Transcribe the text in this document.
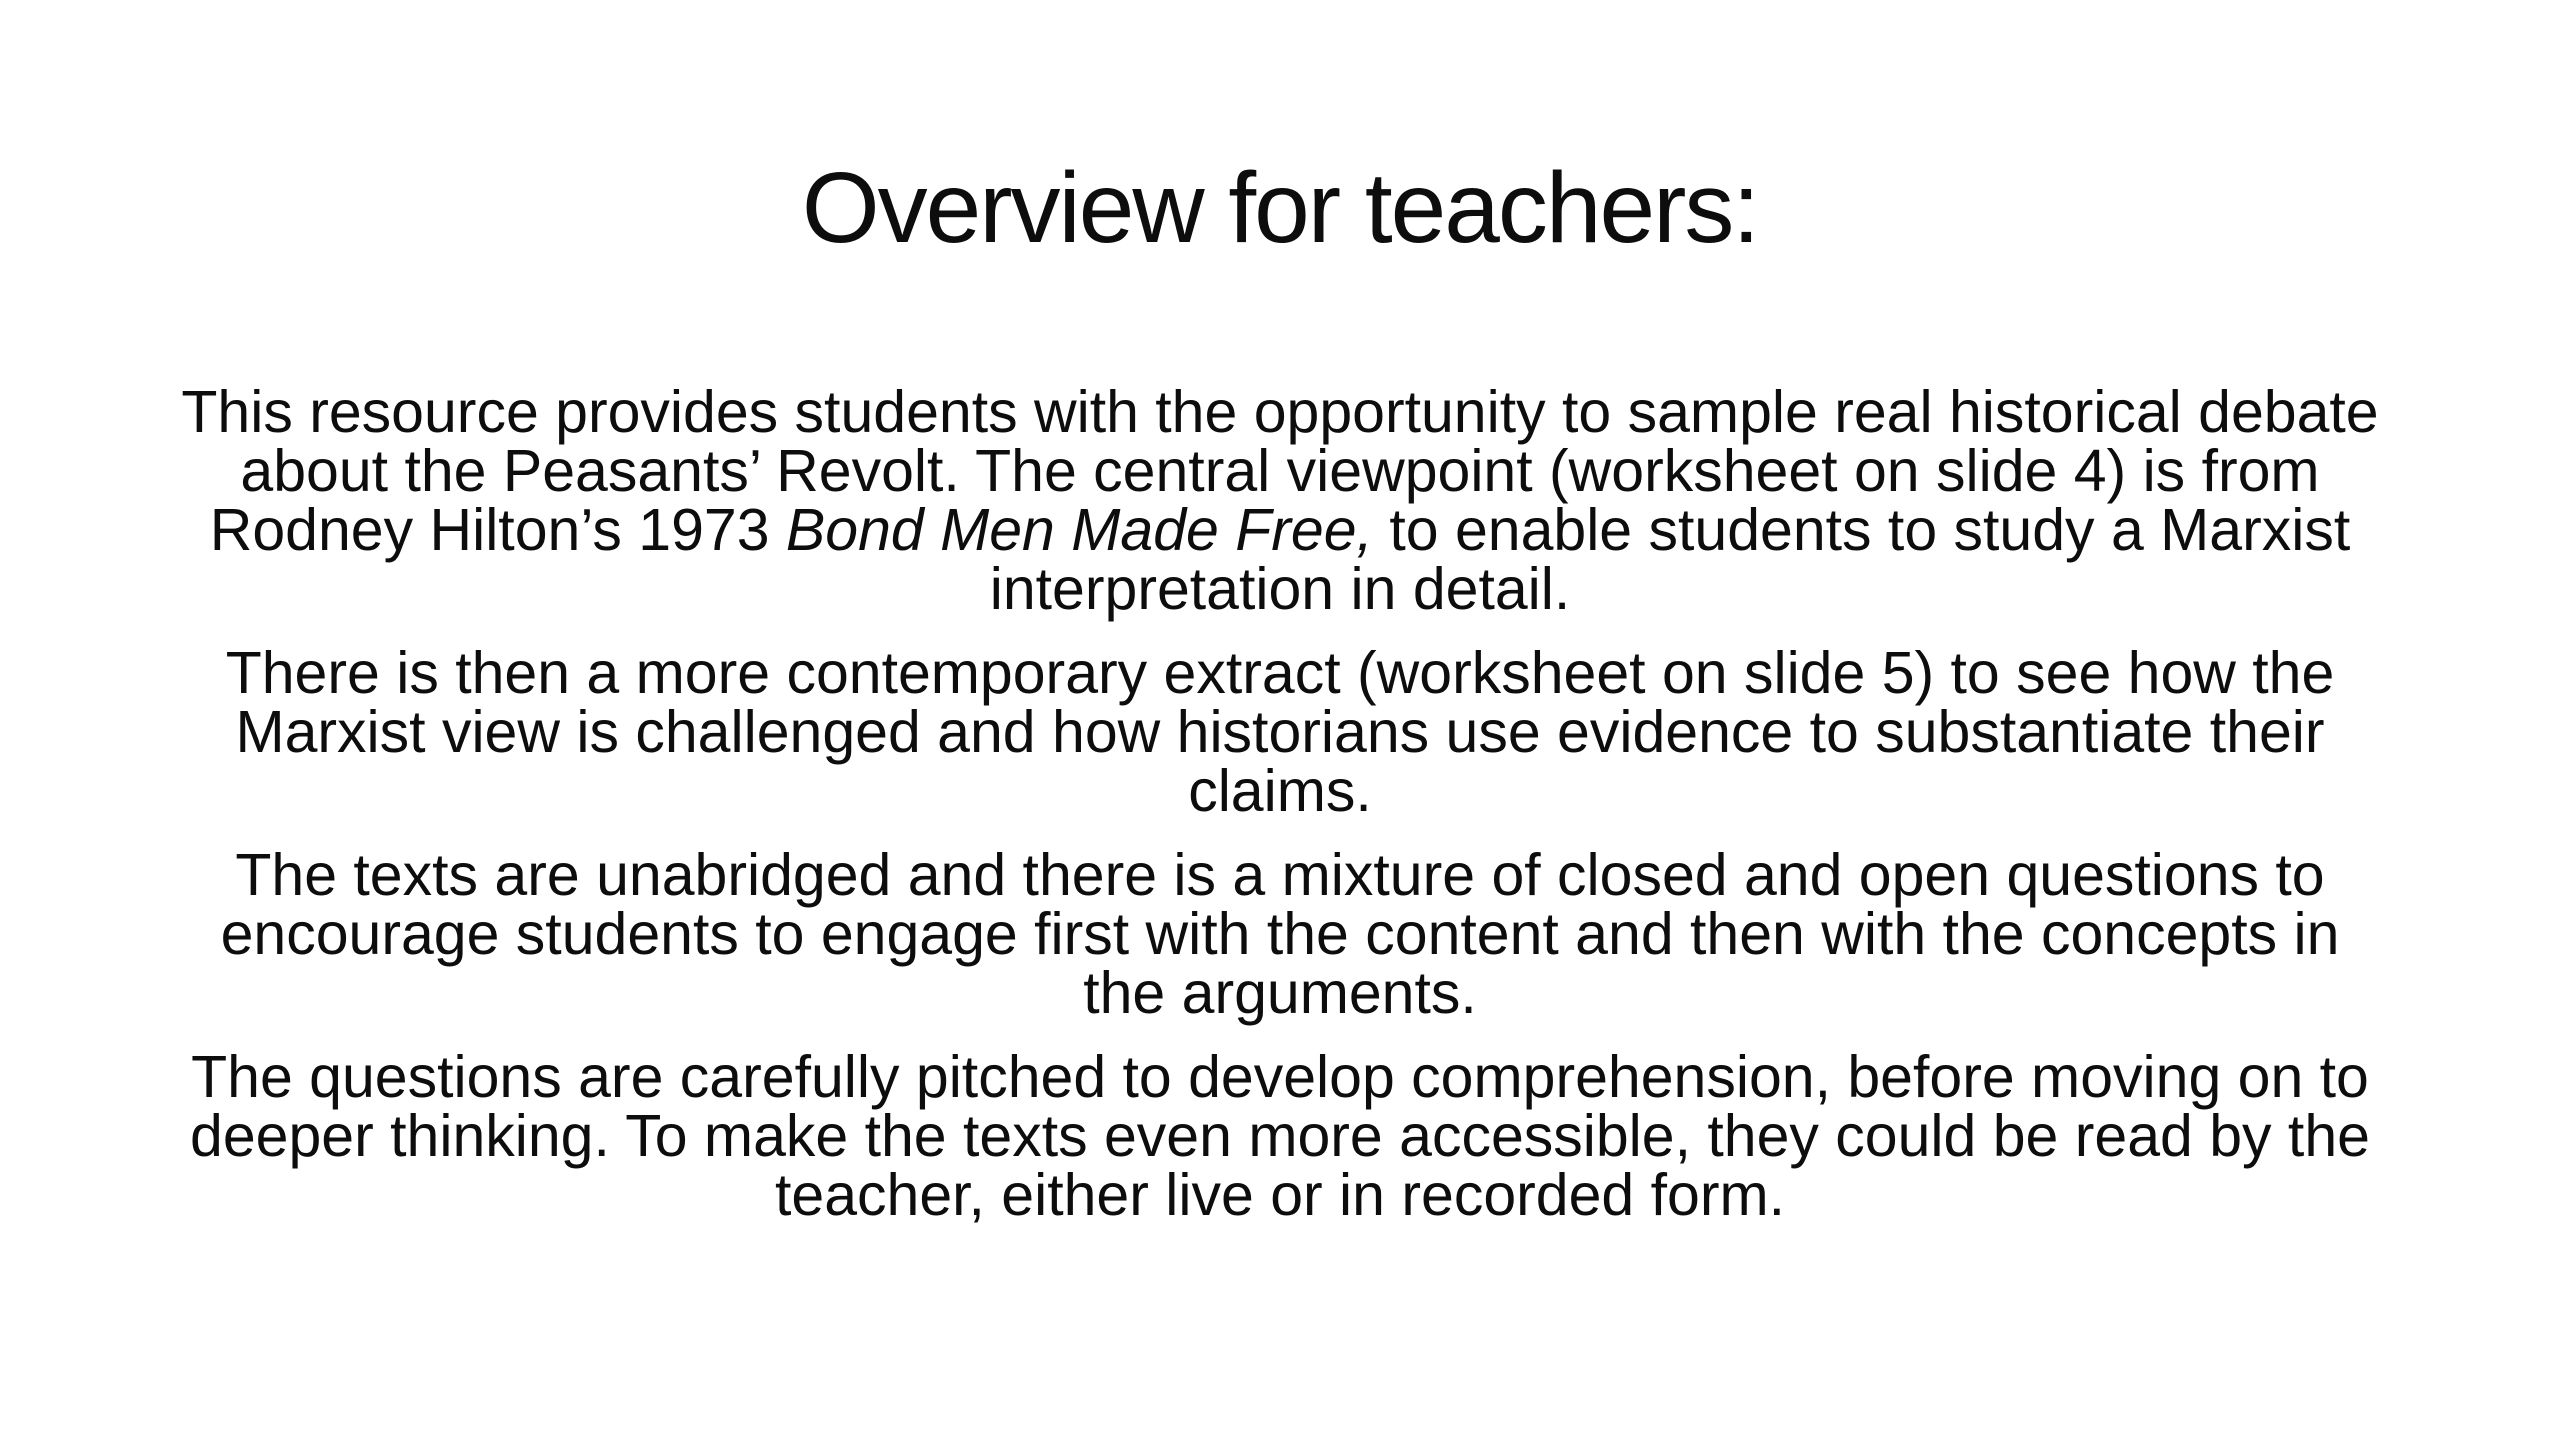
Overview for teachers:

This resource provides students with the opportunity to sample real historical debate about the Peasants’ Revolt. The central viewpoint (worksheet on slide 4) is from Rodney Hilton’s 1973 Bond Men Made Free, to enable students to study a Marxist interpretation in detail.

There is then a more contemporary extract (worksheet on slide 5) to see how the Marxist view is challenged and how historians use evidence to substantiate their claims.

The texts are unabridged and there is a mixture of closed and open questions to encourage students to engage first with the content and then with the concepts in the arguments.

The questions are carefully pitched to develop comprehension, before moving on to deeper thinking. To make the texts even more accessible, they could be read by the teacher, either live or in recorded form.
